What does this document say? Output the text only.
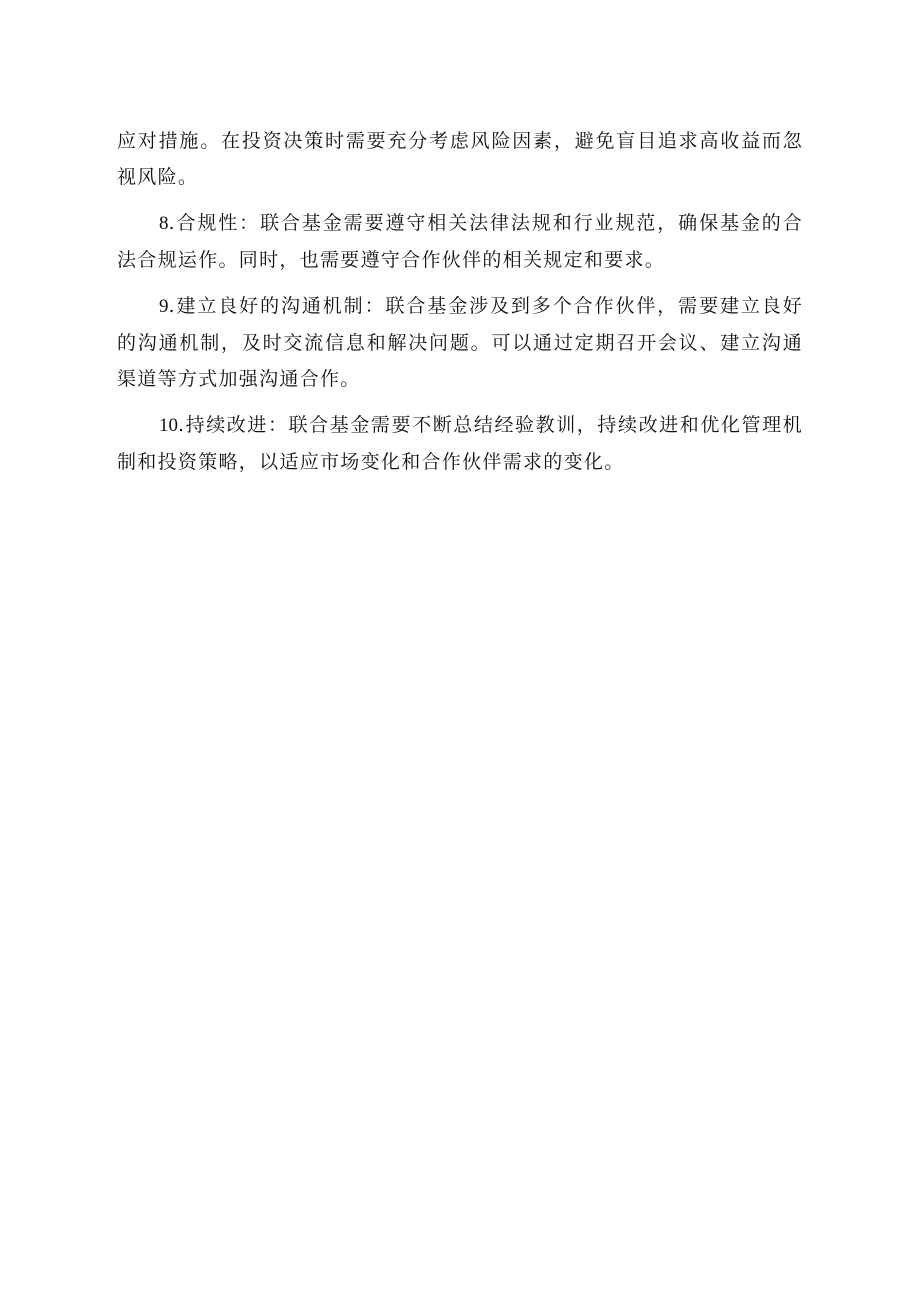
应对措施。在投资决策时需要充分考虑风险因素，避免盲目追求高收益而忽视风险。

8.合规性：联合基金需要遵守相关法律法规和行业规范，确保基金的合法合规运作。同时，也需要遵守合作伙伴的相关规定和要求。

9.建立良好的沟通机制：联合基金涉及到多个合作伙伴，需要建立良好的沟通机制，及时交流信息和解决问题。可以通过定期召开会议、建立沟通渠道等方式加强沟通合作。

10.持续改进：联合基金需要不断总结经验教训，持续改进和优化管理机制和投资策略，以适应市场变化和合作伙伴需求的变化。
